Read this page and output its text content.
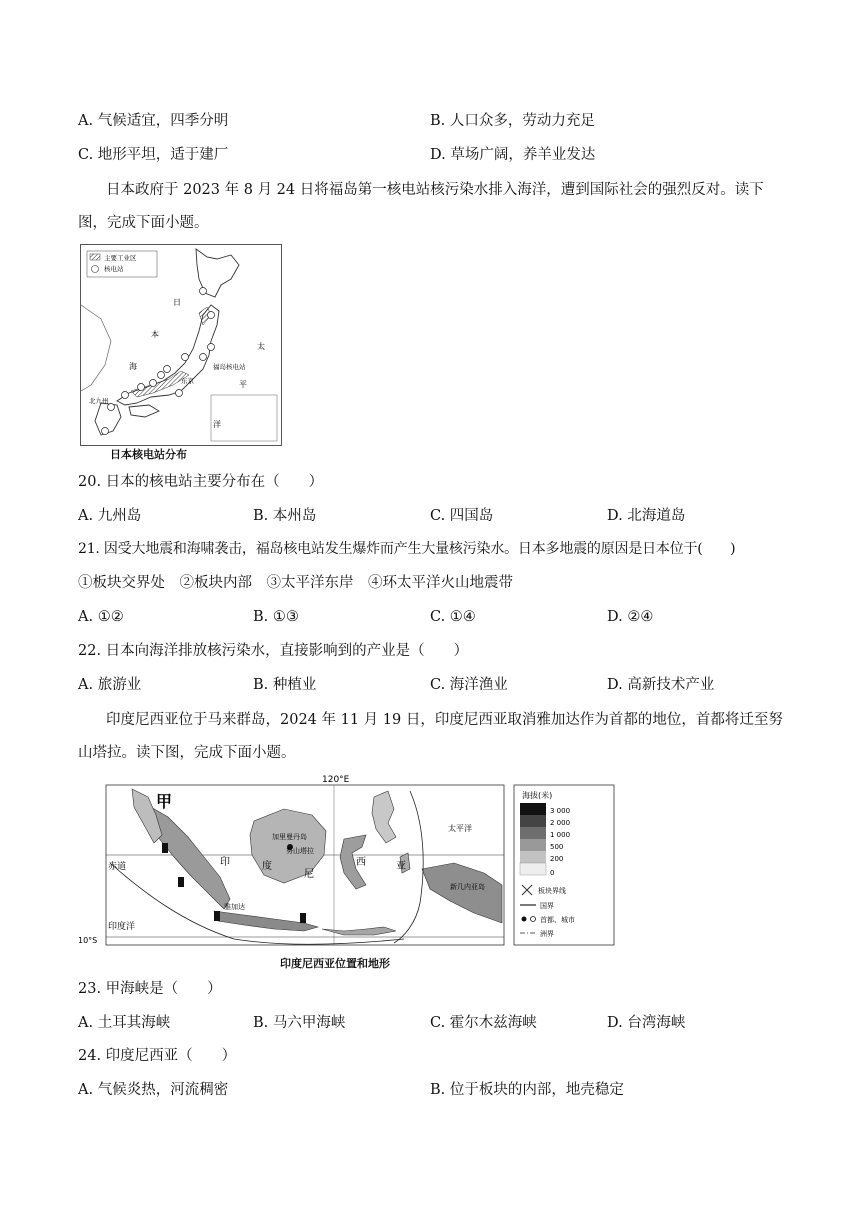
A. 气候适宜，四季分明	B. 人口众多，劳动力充足
C. 地形平坦，适于建厂	D. 草场广阔，养羊业发达
日本政府于 2023 年 8 月 24 日将福岛第一核电站核污染水排入海洋，遭到国际社会的强烈反对。读下图，完成下面小题。
主要工业区
核电站
日
本
海
太
平
洋
福岛核电站
东京
北九州
日本核电站分布
20. 日本的核电站主要分布在（　　）
A. 九州岛	B. 本州岛	C. 四国岛	D. 北海道岛
21. 因受大地震和海啸袭击，福岛核电站发生爆炸而产生大量核污染水。日本多地震的原因是日本位于(　　)
①板块交界处　②板块内部　③太平洋东岸　④环太平洋火山地震带
A. ①②	B. ①③	C. ①④	D. ②④
22. 日本向海洋排放核污染水，直接影响到的产业是（　　）
A. 旅游业	B. 种植业	C. 海洋渔业	D. 高新技术产业
印度尼西亚位于马来群岛，2024 年 11 月 19 日，印度尼西亚取消雅加达作为首都的地位，首都将迁至努山塔拉。读下图，完成下面小题。
120°E
甲
赤道
印度洋
10°S
太平洋
加里曼丹岛
努山塔拉
雅加达
新几内亚岛
印	度
尼
西	亚
海拔(米)
3 000
2 000
1 000
500
200
0
板块界线
国界
首都、城市
洲界
印度尼西亚位置和地形
23. 甲海峡是（　　）
A. 土耳其海峡	B. 马六甲海峡	C. 霍尔木兹海峡	D. 台湾海峡
24. 印度尼西亚（　　）
A. 气候炎热，河流稠密	B. 位于板块的内部，地壳稳定
